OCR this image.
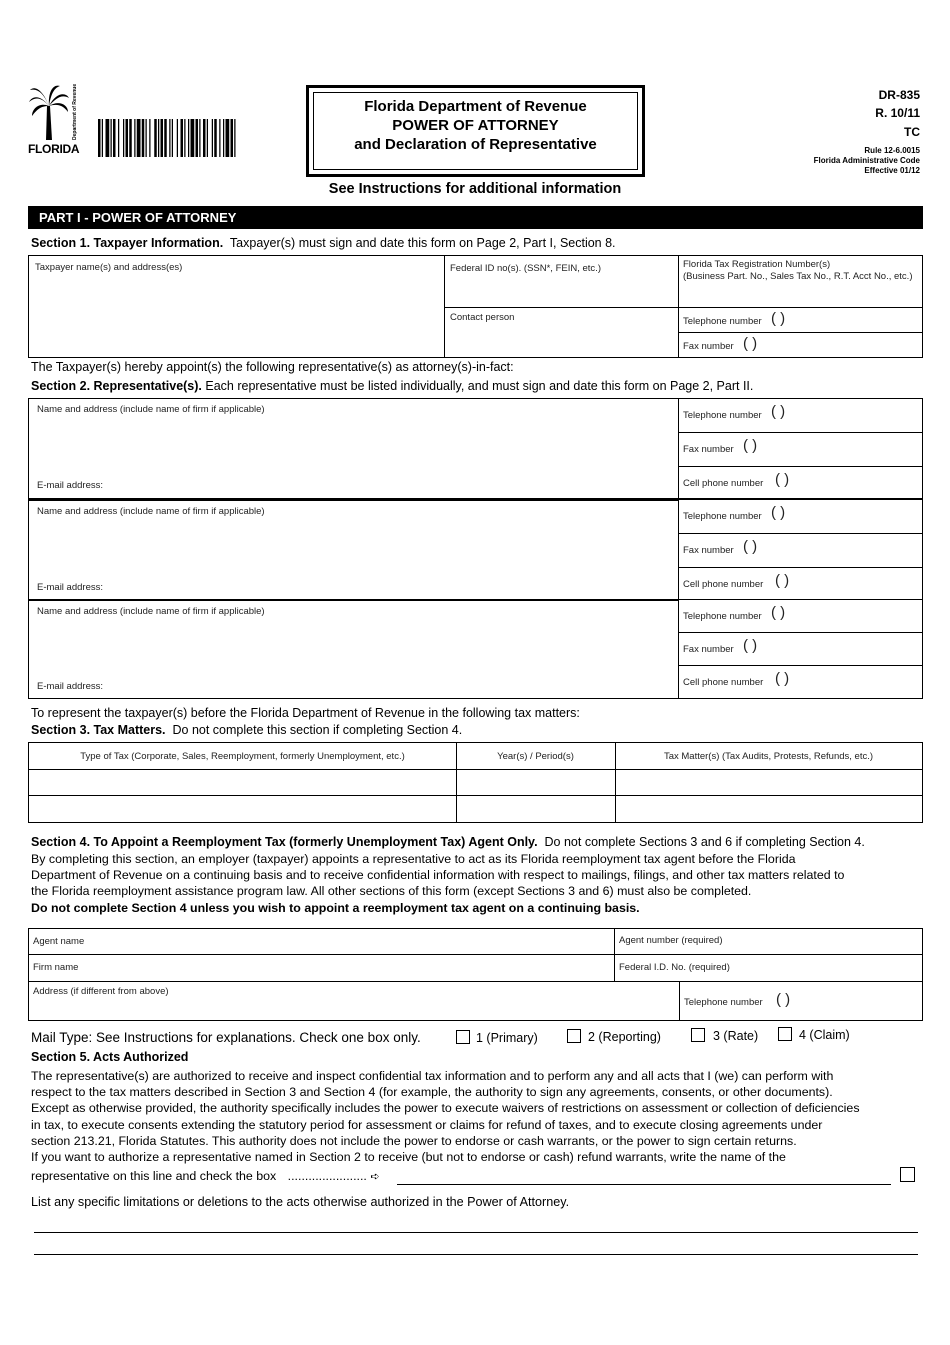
Department of Revenue
FLORIDA
Florida Department of Revenue
POWER OF ATTORNEY
and Declaration of Representative
DR-835
R. 10/11
TC
Rule 12-6.0015
Florida Administrative Code
Effective 01/12
See Instructions for additional information
PART I - POWER OF ATTORNEY
Section 1. Taxpayer Information. Taxpayer(s) must sign and date this form on Page 2, Part I, Section 8.
Taxpayer name(s) and address(es)	Federal ID no(s). (SSN*, FEIN, etc.)	Florida Tax Registration Number(s)
(Business Part. No., Sales Tax No., R.T. Acct No., etc.)
Contact person	Telephone number ( )
Fax number ( )
The Taxpayer(s) hereby appoint(s) the following representative(s) as attorney(s)-in-fact:
Section 2. Representative(s). Each representative must be listed individually, and must sign and date this form on Page 2, Part II.
Name and address (include name of firm if applicable)
E-mail address:
Telephone number ( )
Fax number ( )
Cell phone number ( )
Name and address (include name of firm if applicable)
E-mail address:
Telephone number ( )
Fax number ( )
Cell phone number ( )
Name and address (include name of firm if applicable)
E-mail address:
Telephone number ( )
Fax number ( )
Cell phone number ( )
To represent the taxpayer(s) before the Florida Department of Revenue in the following tax matters:
Section 3. Tax Matters. Do not complete this section if completing Section 4.
Type of Tax (Corporate, Sales, Reemployment, formerly Unemployment, etc.)	Year(s) / Period(s)	Tax Matter(s) (Tax Audits, Protests, Refunds, etc.)
Section 4. To Appoint a Reemployment Tax (formerly Unemployment Tax) Agent Only. Do not complete Sections 3 and 6 if completing Section 4.
By completing this section, an employer (taxpayer) appoints a representative to act as its Florida reemployment tax agent before the Florida
Department of Revenue on a continuing basis and to receive confidential information with respect to mailings, filings, and other tax matters related to
the Florida reemployment assistance program law. All other sections of this form (except Sections 3 and 6) must also be completed.
Do not complete Section 4 unless you wish to appoint a reemployment tax agent on a continuing basis.
Agent name	Agent number (required)
Firm name	Federal I.D. No. (required)
Address (if different from above)
Telephone number ( )
Mail Type: See Instructions for explanations. Check one box only.	1 (Primary)	2 (Reporting)	3 (Rate)	4 (Claim)
Section 5. Acts Authorized
The representative(s) are authorized to receive and inspect confidential tax information and to perform any and all acts that I (we) can perform with
respect to the tax matters described in Section 3 and Section 4 (for example, the authority to sign any agreements, consents, or other documents).
Except as otherwise provided, the authority specifically includes the power to execute waivers of restrictions on assessment or collection of deficiencies
in tax, to execute consents extending the statutory period for assessment or claims for refund of taxes, and to execute closing agreements under
section 213.21, Florida Statutes. This authority does not include the power to endorse or cash warrants, or the power to sign certain returns.
If you want to authorize a representative named in Section 2 to receive (but not to endorse or cash) refund warrants, write the name of the
representative on this line and check the box ....................... ➪
List any specific limitations or deletions to the acts otherwise authorized in the Power of Attorney.
